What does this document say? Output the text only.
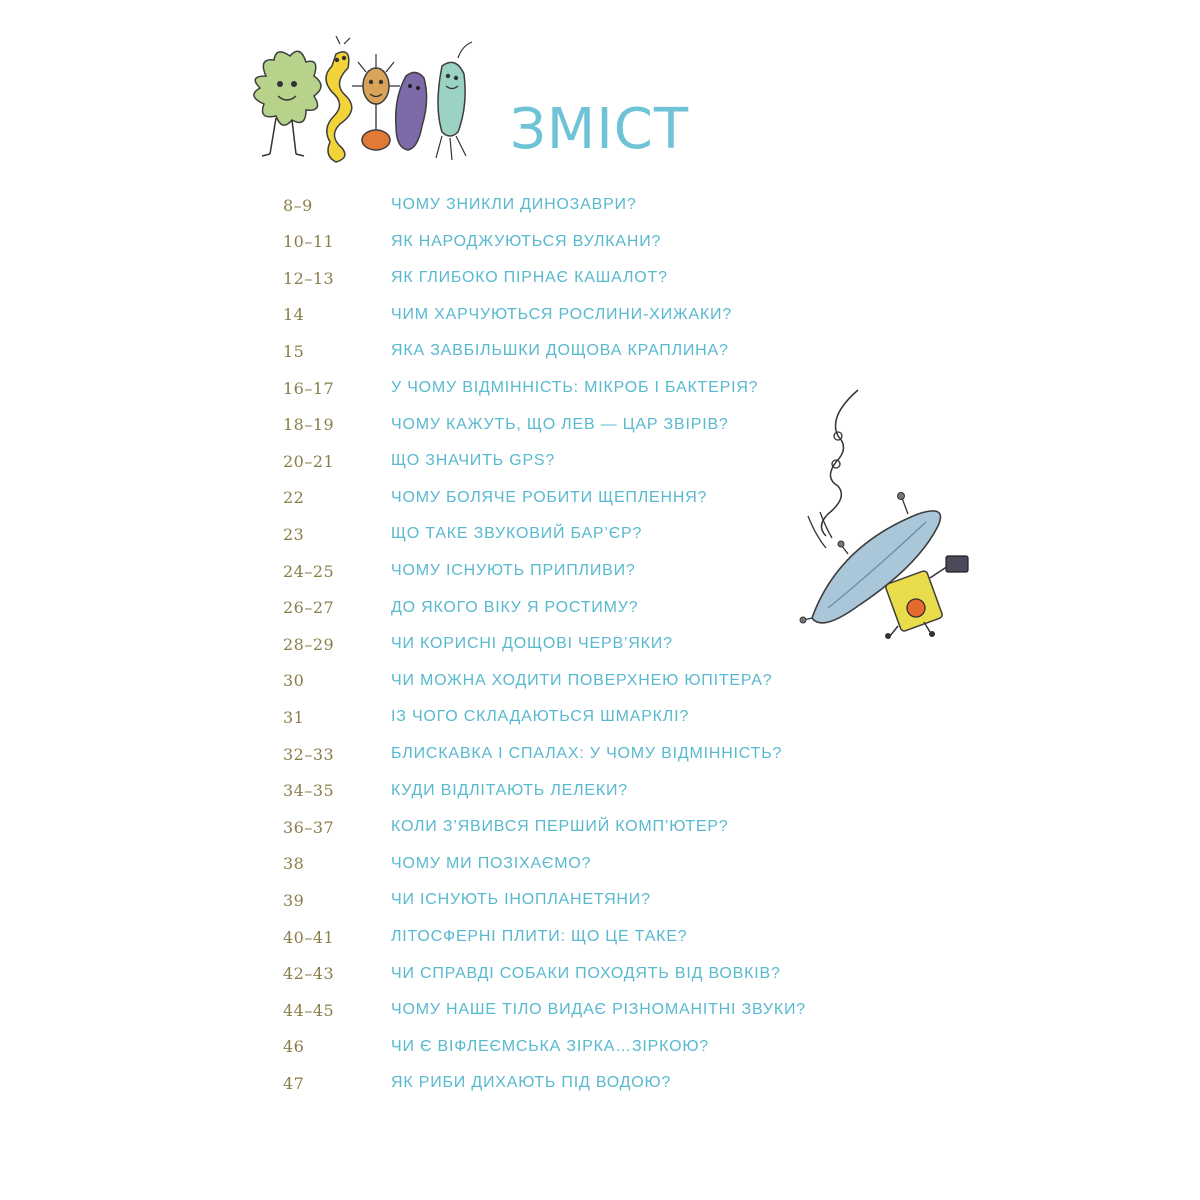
ЗМІСТ
8–9	ЧОМУ ЗНИКЛИ ДИНОЗАВРИ?
10–11	ЯК НАРОДЖУЮТЬСЯ ВУЛКАНИ?
12–13	ЯК ГЛИБОКО ПІРНАЄ КАШАЛОТ?
14	ЧИМ ХАРЧУЮТЬСЯ РОСЛИНИ-ХИЖАКИ?
15	ЯКА ЗАВБІЛЬШКИ ДОЩОВА КРАПЛИНА?
16–17	У ЧОМУ ВІДМІННІСТЬ: МІКРОБ І БАКТЕРІЯ?
18–19	ЧОМУ КАЖУТЬ, ЩО ЛЕВ — ЦАР ЗВІРІВ?
20–21	ЩО ЗНАЧИТЬ GPS?
22	ЧОМУ БОЛЯЧЕ РОБИТИ ЩЕПЛЕННЯ?
23	ЩО ТАКЕ ЗВУКОВИЙ БАР’ЄР?
24–25	ЧОМУ ІСНУЮТЬ ПРИПЛИВИ?
26–27	ДО ЯКОГО ВІКУ Я РОСТИМУ?
28–29	ЧИ КОРИСНІ ДОЩОВІ ЧЕРВ’ЯКИ?
30	ЧИ МОЖНА ХОДИТИ ПОВЕРХНЕЮ ЮПІТЕРА?
31	ІЗ ЧОГО СКЛАДАЮТЬСЯ ШМАРКЛІ?
32–33	БЛИСКАВКА І СПАЛАХ: У ЧОМУ ВІДМІННІСТЬ?
34–35	КУДИ ВІДЛІТАЮТЬ ЛЕЛЕКИ?
36–37	КОЛИ З’ЯВИВСЯ ПЕРШИЙ КОМП’ЮТЕР?
38	ЧОМУ МИ ПОЗІХАЄМО?
39	ЧИ ІСНУЮТЬ ІНОПЛАНЕТЯНИ?
40–41	ЛІТОСФЕРНІ ПЛИТИ: ЩО ЦЕ ТАКЕ?
42–43	ЧИ СПРАВДІ СОБАКИ ПОХОДЯТЬ ВІД ВОВКІВ?
44–45	ЧОМУ НАШЕ ТІЛО ВИДАЄ РІЗНОМАНІТНІ ЗВУКИ?
46	ЧИ Є ВІФЛЕЄМСЬКА ЗІРКА…ЗІРКОЮ?
47	ЯК РИБИ ДИХАЮТЬ ПІД ВОДОЮ?
